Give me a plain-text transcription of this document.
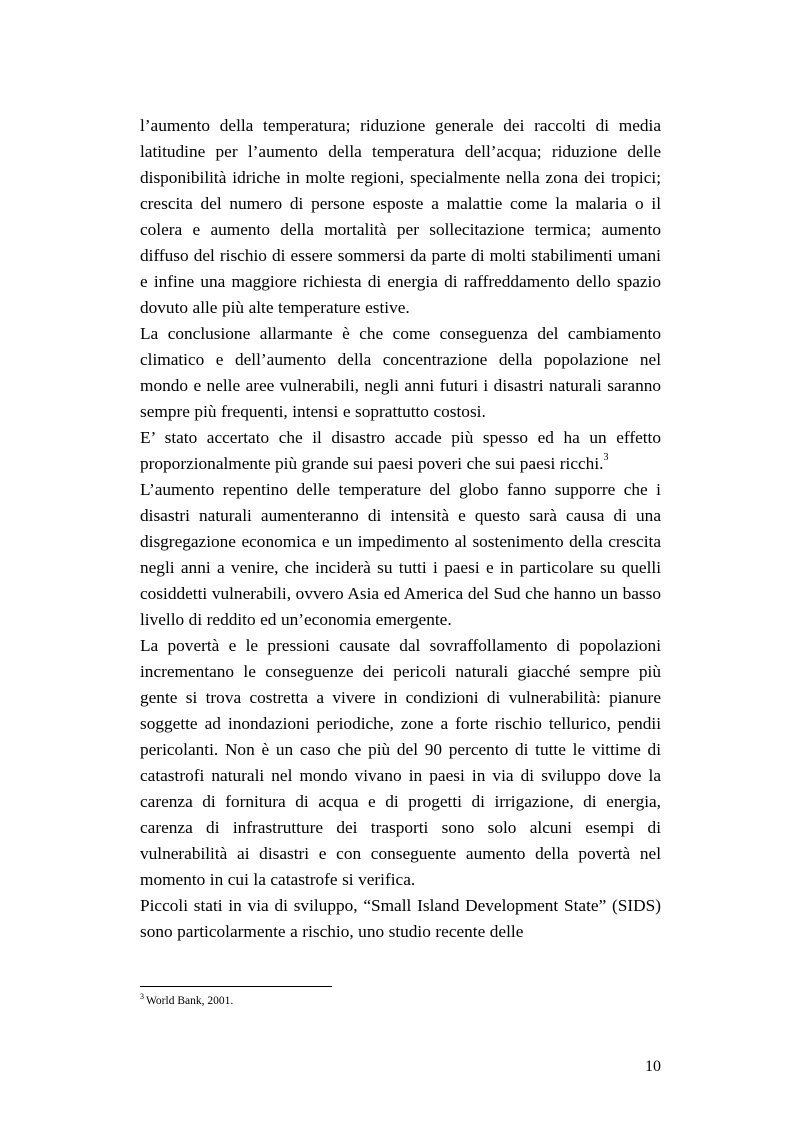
l’aumento della temperatura; riduzione generale dei raccolti di media latitudine per l’aumento della temperatura dell’acqua; riduzione delle disponibilità idriche in molte regioni, specialmente nella zona dei tropici; crescita del numero di persone esposte a malattie come la malaria o il colera e aumento della mortalità per sollecitazione termica; aumento diffuso del rischio di essere sommersi da parte di molti stabilimenti umani e infine una maggiore richiesta di energia di raffreddamento dello spazio dovuto alle più alte temperature estive.

La conclusione allarmante è che come conseguenza del cambiamento climatico e dell’aumento della concentrazione della popolazione nel mondo e nelle aree vulnerabili, negli anni futuri i disastri naturali saranno sempre più frequenti, intensi e soprattutto costosi.

E’ stato accertato che il disastro accade più spesso ed ha un effetto proporzionalmente più grande sui paesi poveri che sui paesi ricchi.$^3$

L’aumento repentino delle temperature del globo fanno supporre che i disastri naturali aumenteranno di intensità e questo sarà causa di una disgregazione economica e un impedimento al sostenimento della crescita negli anni a venire, che inciderà su tutti i paesi e in particolare su quelli cosiddetti vulnerabili, ovvero Asia ed America del Sud che hanno un basso livello di reddito ed un’economia emergente.

La povertà e le pressioni causate dal sovraffollamento di popolazioni incrementano le conseguenze dei pericoli naturali giacché sempre più gente si trova costretta a vivere in condizioni di vulnerabilità: pianure soggette ad inondazioni periodiche, zone a forte rischio tellurico, pendii pericolanti. Non è un caso che più del 90 percento di tutte le vittime di catastrofi naturali nel mondo vivano in paesi in via di sviluppo dove la carenza di fornitura di acqua e di progetti di irrigazione, di energia, carenza di infrastrutture dei trasporti sono solo alcuni esempi di vulnerabilità ai disastri e con conseguente aumento della povertà nel momento in cui la catastrofe si verifica.

Piccoli stati in via di sviluppo, “Small Island Development State” (SIDS) sono particolarmente a rischio, uno studio recente delle

$^3$ World Bank, 2001.
10
